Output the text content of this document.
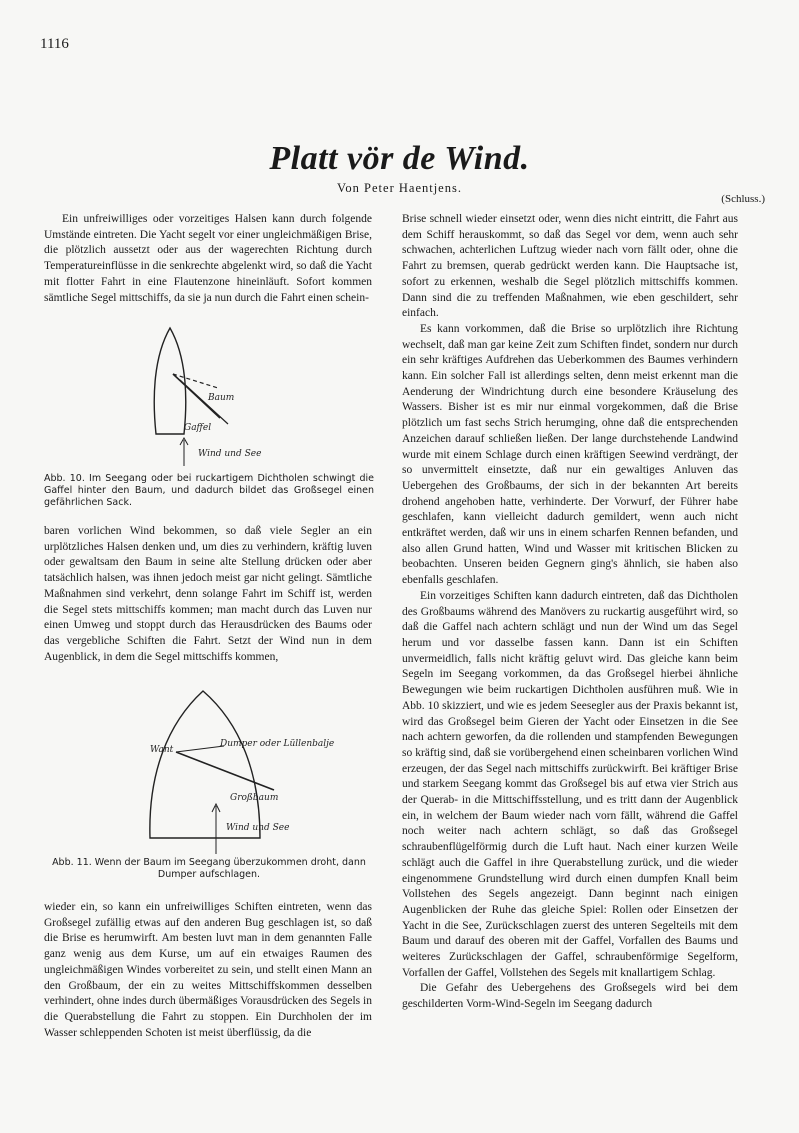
1116
Platt vör de Wind.
Von Peter Haentjens.
(Schluss.)

Ein unfreiwilliges oder vorzeitiges Halsen kann durch folgende Umstände eintreten. Die Yacht segelt vor einer ungleichmäßigen Brise, die plötzlich aussetzt oder aus der wagerechten Richtung durch Temperatureinflüsse in die senkrechte abgelenkt wird, so daß die Yacht mit flotter Fahrt in eine Flautenzone hineinläuft. Sofort kommen sämtliche Segel mittschiffs, da sie ja nun durch die Fahrt einen schein-

Baum
Gaffel
Wind und See
Abb. 10. Im Seegang oder bei ruckartigem Dichtholen schwingt die Gaffel hinter den Baum, und dadurch bildet das Großsegel einen gefährlichen Sack.

baren vorlichen Wind bekommen, so daß viele Segler an ein urplötzliches Halsen denken und, um dies zu verhindern, kräftig luven oder gewaltsam den Baum in seine alte Stellung drücken oder aber tatsächlich halsen, was ihnen jedoch meist gar nicht gelingt. Sämtliche Maßnahmen sind verkehrt, denn solange Fahrt im Schiff ist, werden die Segel stets mittschiffs kommen; man macht durch das Luven nur einen Umweg und stoppt durch das Herausdrücken des Baums oder das vergebliche Schiften die Fahrt. Setzt der Wind nun in dem Augenblick, in dem die Segel mittschiffs kommen,

Want
Dumper oder Lüllenbalje
Großbaum
Wind und See
Abb. 11. Wenn der Baum im Seegang überzukommen droht, dann Dumper aufschlagen.

wieder ein, so kann ein unfreiwilliges Schiften eintreten, wenn das Großsegel zufällig etwas auf den anderen Bug geschlagen ist, so daß die Brise es herumwirft. Am besten luvt man in dem genannten Falle ganz wenig aus dem Kurse, um auf ein etwaiges Raumen des ungleichmäßigen Windes vorbereitet zu sein, und stellt einen Mann an den Großbaum, der ein zu weites Mittschiffskommen desselben verhindert, ohne indes durch übermäßiges Vorausdrücken des Segels in die Querabstellung die Fahrt zu stoppen. Ein Durchholen der im Wasser schleppenden Schoten ist meist überflüssig, da die

Brise schnell wieder einsetzt oder, wenn dies nicht eintritt, die Fahrt aus dem Schiff herauskommt, so daß das Segel vor dem, wenn auch sehr schwachen, achterlichen Luftzug wieder nach vorn fällt oder, ohne die Fahrt zu bremsen, querab gedrückt werden kann. Die Hauptsache ist, sofort zu erkennen, weshalb die Segel plötzlich mittschiffs kommen. Dann sind die zu treffenden Maßnahmen, wie eben geschildert, sehr einfach.

Es kann vorkommen, daß die Brise so urplötzlich ihre Richtung wechselt, daß man gar keine Zeit zum Schiften findet, sondern nur durch ein sehr kräftiges Aufdrehen das Ueberkommen des Baumes verhindern kann. Ein solcher Fall ist allerdings selten, denn meist erkennt man die Aenderung der Windrichtung durch eine besondere Kräuselung des Wassers. Bisher ist es mir nur einmal vorgekommen, daß die Brise plötzlich um fast sechs Strich herumging, ohne daß die entsprechenden Anzeichen darauf schließen ließen. Der lange durchstehende Landwind wurde mit einem Schlage durch einen kräftigen Seewind verdrängt, der so unvermittelt einsetzte, daß nur ein gewaltiges Anluven das Uebergehen des Großbaums, der sich in der bekannten Art bereits drohend angehoben hatte, verhinderte. Der Vorwurf, der Führer habe geschlafen, kann vielleicht dadurch gemildert, wenn auch nicht entkräftet werden, daß wir uns in einem scharfen Rennen befanden, und also allen Grund hatten, Wind und Wasser mit kritischen Blicken zu beobachten. Unseren beiden Gegnern ging's ähnlich, sie haben also ebenfalls geschlafen.

Ein vorzeitiges Schiften kann dadurch eintreten, daß das Dichtholen des Großbaums während des Manövers zu ruckartig ausgeführt wird, so daß die Gaffel nach achtern schlägt und nun der Wind um das Segel herum und vor dasselbe fassen kann. Dann ist ein Schiften unvermeidlich, falls nicht kräftig geluvt wird. Das gleiche kann beim Segeln im Seegang vorkommen, da das Großsegel hierbei ähnliche Bewegungen wie beim ruckartigen Dichtholen ausführen muß. Wie in Abb. 10 skizziert, und wie es jedem Seesegler aus der Praxis bekannt ist, wird das Großsegel beim Gieren der Yacht oder Einsetzen in die See nach achtern geworfen, da die rollenden und stampfenden Bewegungen so kräftig sind, daß sie vorübergehend einen scheinbaren vorlichen Wind erzeugen, der das Segel nach mittschiffs zurückwirft. Bei kräftiger Brise und starkem Seegang kommt das Großsegel bis auf etwa vier Strich aus der Querab- in die Mittschiffsstellung, und es tritt dann der Augenblick ein, in welchem der Baum wieder nach vorn fällt, während die Gaffel noch weiter nach achtern schlägt, so daß das Großsegel schraubenflügelförmig durch die Luft haut. Nach einer kurzen Weile schlägt auch die Gaffel in ihre Querabstellung zurück, und die wieder eingenommene Grundstellung wird durch einen dumpfen Knall beim Vollstehen des Segels angezeigt. Dann beginnt nach einigen Augenblicken der Ruhe das gleiche Spiel: Rollen oder Einsetzen der Yacht in die See, Zurückschlagen zuerst des unteren Segelteils mit dem Baum und darauf des oberen mit der Gaffel, Vorfallen des Baums und weiteres Zurückschlagen der Gaffel, schraubenförmige Segelform, Vorfallen der Gaffel, Vollstehen des Segels mit knallartigem Schlag.

Die Gefahr des Uebergehens des Großsegels wird bei dem geschilderten Vorm-Wind-Segeln im Seegang dadurch
